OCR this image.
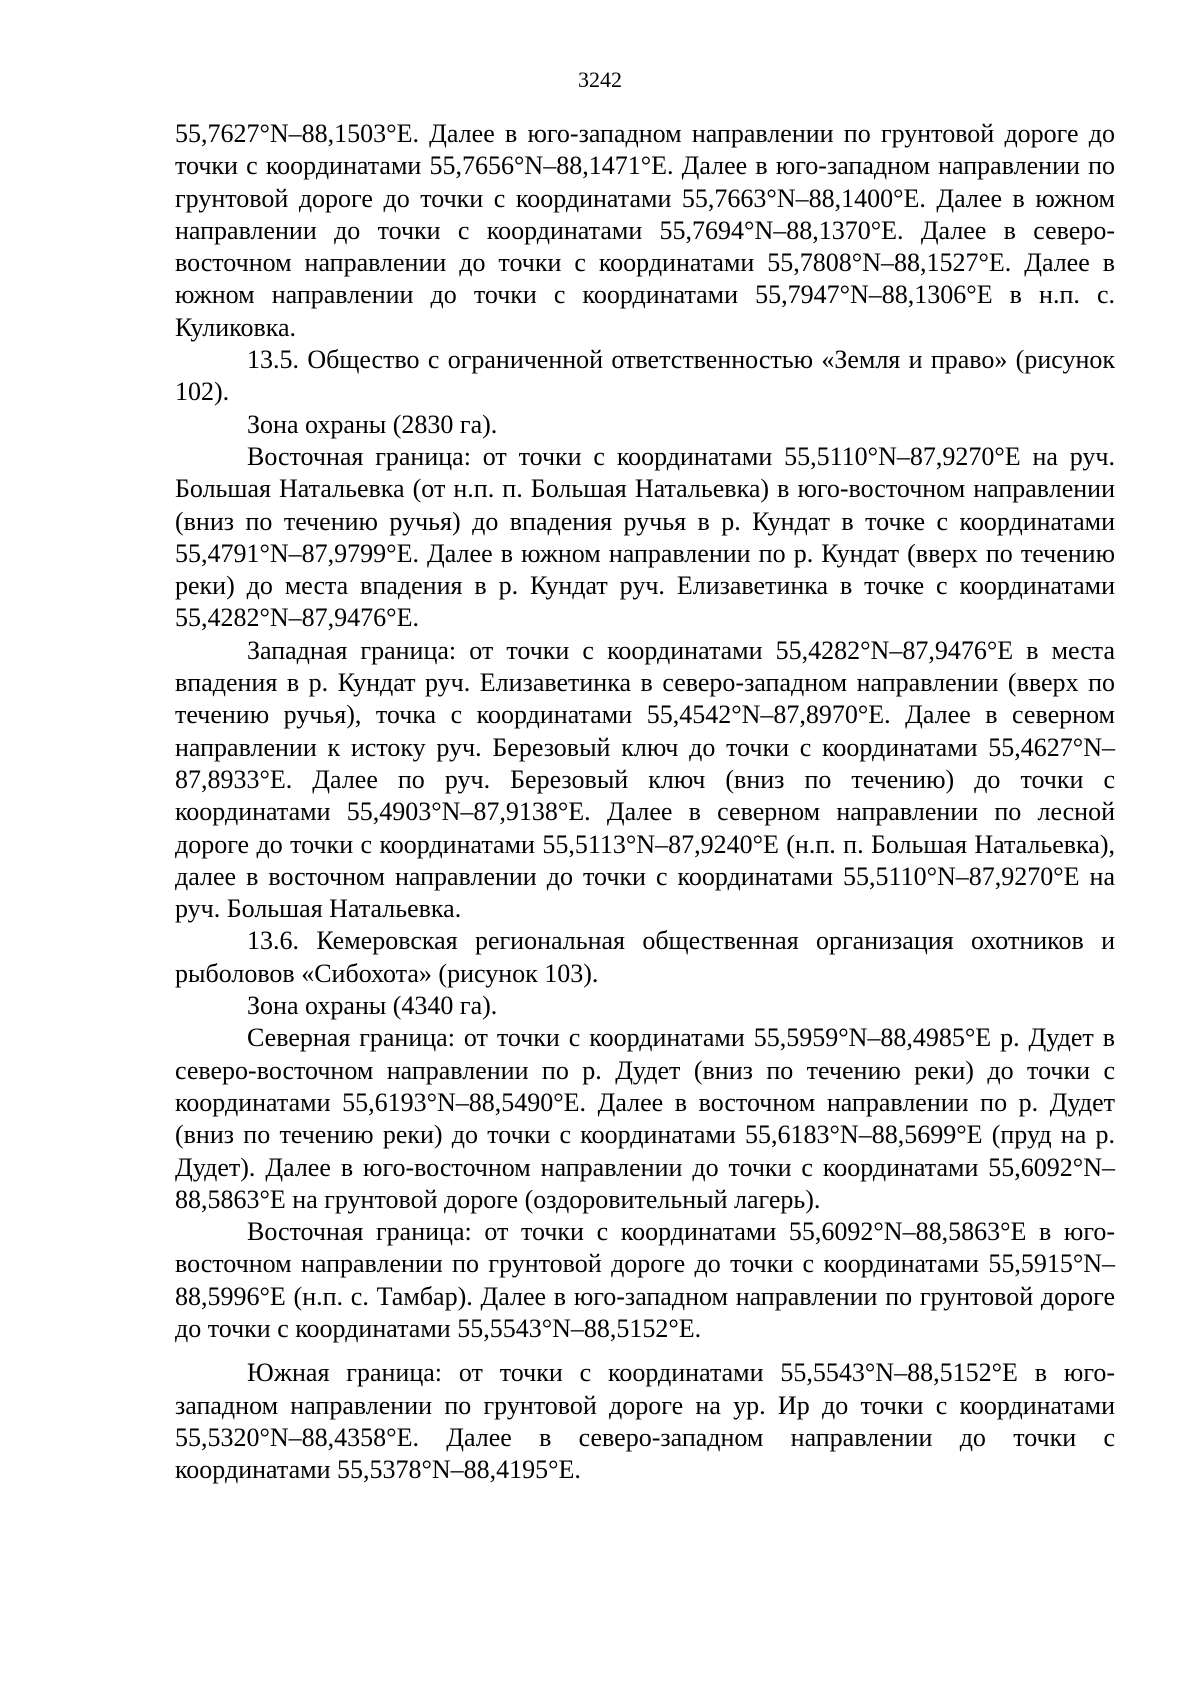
3242

55,7627°N–88,1503°E. Далее в юго-западном направлении по грунтовой дороге до точки с координатами 55,7656°N–88,1471°E. Далее в юго-западном направлении по грунтовой дороге до точки с координатами 55,7663°N–88,1400°E. Далее в южном направлении до точки с координатами 55,7694°N–88,1370°E. Далее в северо-восточном направлении до точки с координатами 55,7808°N–88,1527°E. Далее в южном направлении до точки с координатами 55,7947°N–88,1306°E в н.п. с. Куликовка.

13.5. Общество с ограниченной ответственностью «Земля и право» (рисунок 102).

Зона охраны (2830 га).

Восточная граница: от точки с координатами 55,5110°N–87,9270°E на руч. Большая Натальевка (от н.п. п. Большая Натальевка) в юго-восточном направлении (вниз по течению ручья) до впадения ручья в р. Кундат в точке с координатами 55,4791°N–87,9799°E. Далее в южном направлении по р. Кундат (вверх по течению реки) до места впадения в р. Кундат руч. Елизаветинка в точке с координатами 55,4282°N–87,9476°E.

Западная граница: от точки с координатами 55,4282°N–87,9476°E в места впадения в р. Кундат руч. Елизаветинка в северо-западном направлении (вверх по течению ручья), точка с координатами 55,4542°N–87,8970°E. Далее в северном направлении к истоку руч. Березовый ключ до точки с координатами 55,4627°N–87,8933°E. Далее по руч. Березовый ключ (вниз по течению) до точки с координатами 55,4903°N–87,9138°E. Далее в северном направлении по лесной дороге до точки с координатами 55,5113°N–87,9240°E (н.п. п. Большая Натальевка), далее в восточном направлении до точки с координатами 55,5110°N–87,9270°E на руч. Большая Натальевка.

13.6. Кемеровская региональная общественная организация охотников и рыболовов «Сибохота» (рисунок 103).

Зона охраны (4340 га).

Северная граница: от точки с координатами 55,5959°N–88,4985°E р. Дудет в северо-восточном направлении по р. Дудет (вниз по течению реки) до точки с координатами 55,6193°N–88,5490°E. Далее в восточном направлении по р. Дудет (вниз по течению реки) до точки с координатами 55,6183°N–88,5699°E (пруд на р. Дудет). Далее в юго-восточном направлении до точки с координатами 55,6092°N–88,5863°E на грунтовой дороге (оздоровительный лагерь).

Восточная граница: от точки с координатами 55,6092°N–88,5863°E в юго-восточном направлении по грунтовой дороге до точки с координатами 55,5915°N–88,5996°E (н.п. с. Тамбар). Далее в юго-западном направлении по грунтовой дороге до точки с координатами 55,5543°N–88,5152°E.

Южная граница: от точки с координатами 55,5543°N–88,5152°E в юго-западном направлении по грунтовой дороге на ур. Ир до точки с координатами 55,5320°N–88,4358°E. Далее в северо-западном направлении до точки с координатами 55,5378°N–88,4195°E.
